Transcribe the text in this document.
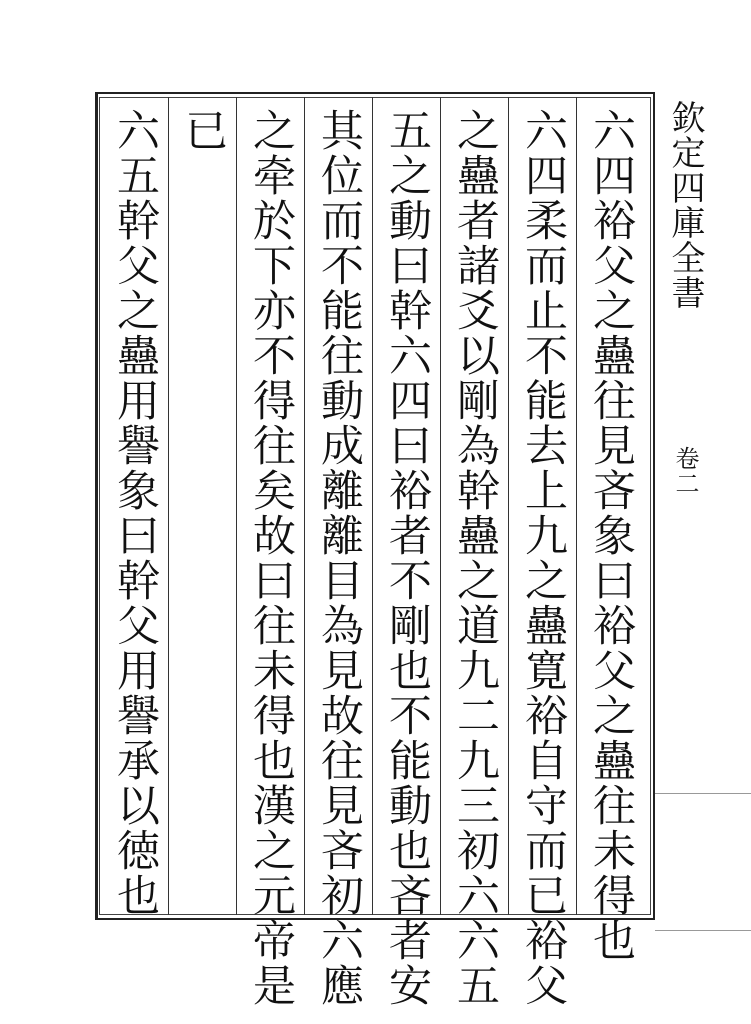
六四裕父之蠱往見吝象曰裕父之蠱往未得也
六四柔而止不能去上九之蠱寛裕自守而已裕父
之蠱者諸爻以剛為幹蠱之道九二九三初六六五
五之動曰幹六四曰裕者不剛也不能動也吝者安
其位而不能往動成離離目為見故往見吝初六應
之牵於下亦不得往矣故曰往未得也漢之元帝是
已
六五幹父之蠱用譽象曰幹父用譽承以徳也	欽定四庫全書 卷二
